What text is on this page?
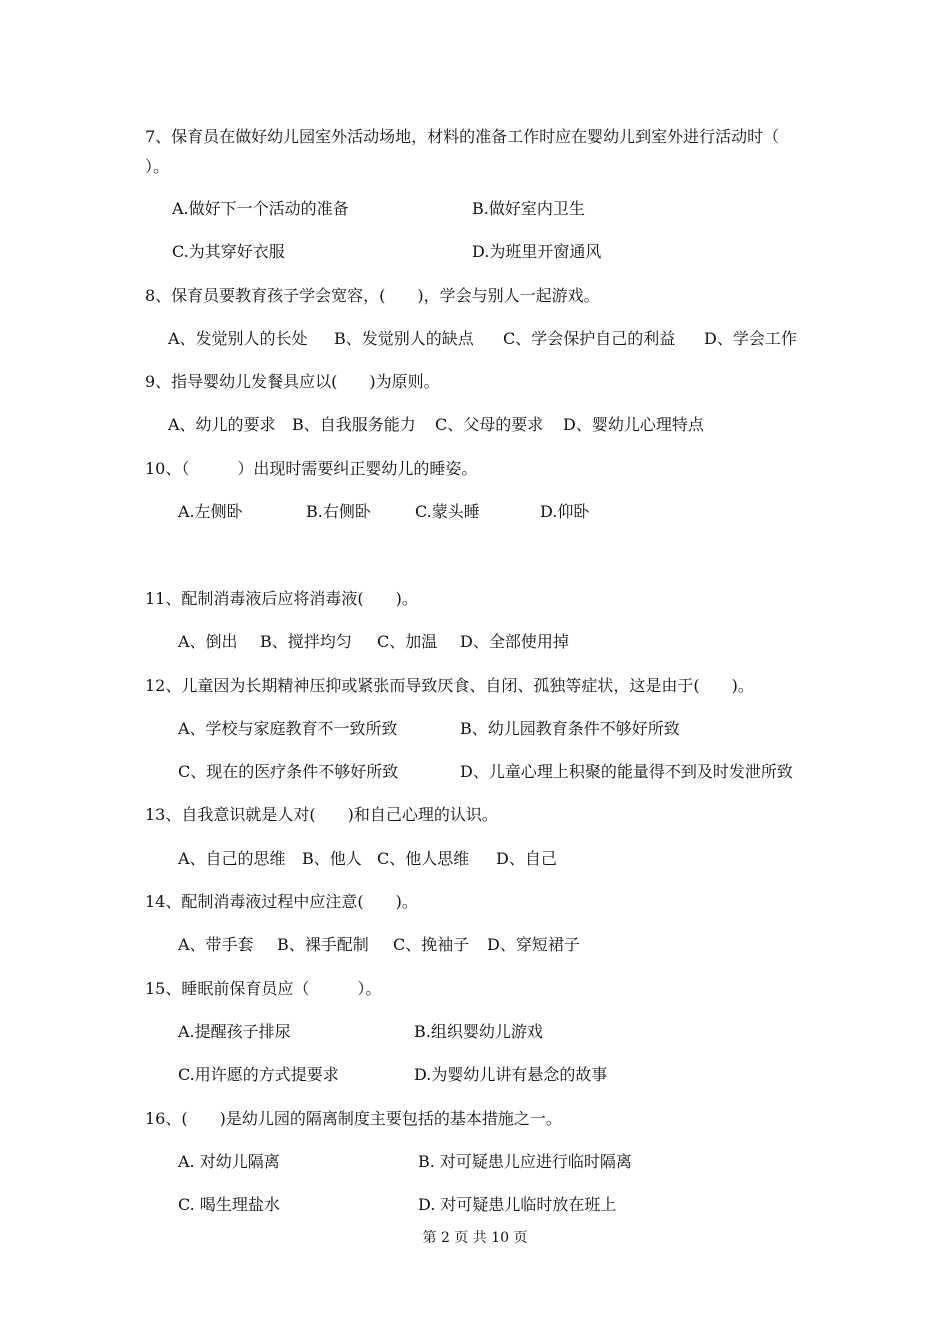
7、保育员在做好幼儿园室外活动场地，材料的准备工作时应在婴幼儿到室外进行活动时（
）。
A.做好下一个活动的准备	B.做好室内卫生
C.为其穿好衣服	D.为班里开窗通风
8、保育员要教育孩子学会宽容，(　　)，学会与别人一起游戏。
A、发觉别人的长处 B、发觉别人的缺点 C、学会保护自己的利益 D、学会工作
9、指导婴幼儿发餐具应以(　　)为原则。
A、幼儿的要求 B、自我服务能力 C、父母的要求 D、婴幼儿心理特点
10、（　　　）出现时需要纠正婴幼儿的睡姿。
A.左侧卧	B.右侧卧	C.蒙头睡	D.仰卧
11、配制消毒液后应将消毒液(　　)。
A、倒出 B、搅拌均匀 C、加温 D、全部使用掉
12、儿童因为长期精神压抑或紧张而导致厌食、自闭、孤独等症状，这是由于(　　)。
A、学校与家庭教育不一致所致	B、幼儿园教育条件不够好所致
C、现在的医疗条件不够好所致	D、儿童心理上积聚的能量得不到及时发泄所致
13、自我意识就是人对(　　)和自己心理的认识。
A、自己的思维 B、他人 C、他人思维 D、自己
14、配制消毒液过程中应注意(　　)。
A、带手套 B、裸手配制 C、挽袖子 D、穿短裙子
15、睡眠前保育员应（　　　）。
A.提醒孩子排尿	B.组织婴幼儿游戏
C.用许愿的方式提要求	D.为婴幼儿讲有悬念的故事
16、(　　)是幼儿园的隔离制度主要包括的基本措施之一。
A. 对幼儿隔离	B. 对可疑患儿应进行临时隔离
C. 喝生理盐水	D. 对可疑患儿临时放在班上
第 2 页 共 10 页
